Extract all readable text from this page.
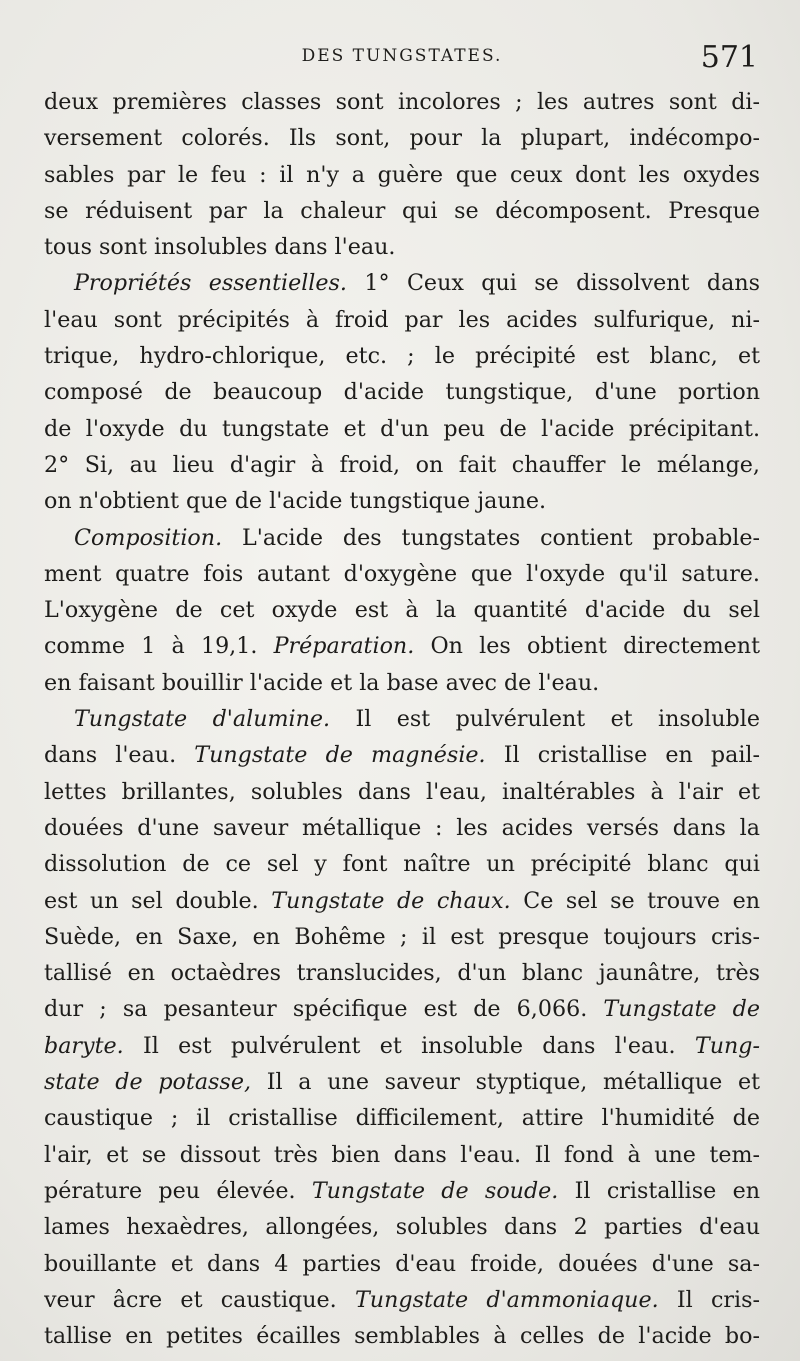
DES TUNGSTATES.	571
deux premières classes sont incolores ; les autres sont di-
versement colorés. Ils sont, pour la plupart, indécompo-
sables par le feu : il n'y a guère que ceux dont les oxydes
se réduisent par la chaleur qui se décomposent. Presque
tous sont insolubles dans l'eau.
Propriétés essentielles. 1° Ceux qui se dissolvent dans
l'eau sont précipités à froid par les acides sulfurique, ni-
trique, hydro-chlorique, etc. ; le précipité est blanc, et
composé de beaucoup d'acide tungstique, d'une portion
de l'oxyde du tungstate et d'un peu de l'acide précipitant.
2° Si, au lieu d'agir à froid, on fait chauffer le mélange,
on n'obtient que de l'acide tungstique jaune.
Composition. L'acide des tungstates contient probable-
ment quatre fois autant d'oxygène que l'oxyde qu'il sature.
L'oxygène de cet oxyde est à la quantité d'acide du sel
comme 1 à 19,1. Préparation. On les obtient directement
en faisant bouillir l'acide et la base avec de l'eau.
Tungstate d'alumine. Il est pulvérulent et insoluble
dans l'eau. Tungstate de magnésie. Il cristallise en pail-
lettes brillantes, solubles dans l'eau, inaltérables à l'air et
douées d'une saveur métallique : les acides versés dans la
dissolution de ce sel y font naître un précipité blanc qui
est un sel double. Tungstate de chaux. Ce sel se trouve en
Suède, en Saxe, en Bohême ; il est presque toujours cris-
tallisé en octaèdres translucides, d'un blanc jaunâtre, très
dur ; sa pesanteur spécifique est de 6,066. Tungstate de
baryte. Il est pulvérulent et insoluble dans l'eau. Tung-
state de potasse, Il a une saveur styptique, métallique et
caustique ; il cristallise difficilement, attire l'humidité de
l'air, et se dissout très bien dans l'eau. Il fond à une tem-
pérature peu élevée. Tungstate de soude. Il cristallise en
lames hexaèdres, allongées, solubles dans 2 parties d'eau
bouillante et dans 4 parties d'eau froide, douées d'une sa-
veur âcre et caustique. Tungstate d'ammoniaque. Il cris-
tallise en petites écailles semblables à celles de l'acide bo-
